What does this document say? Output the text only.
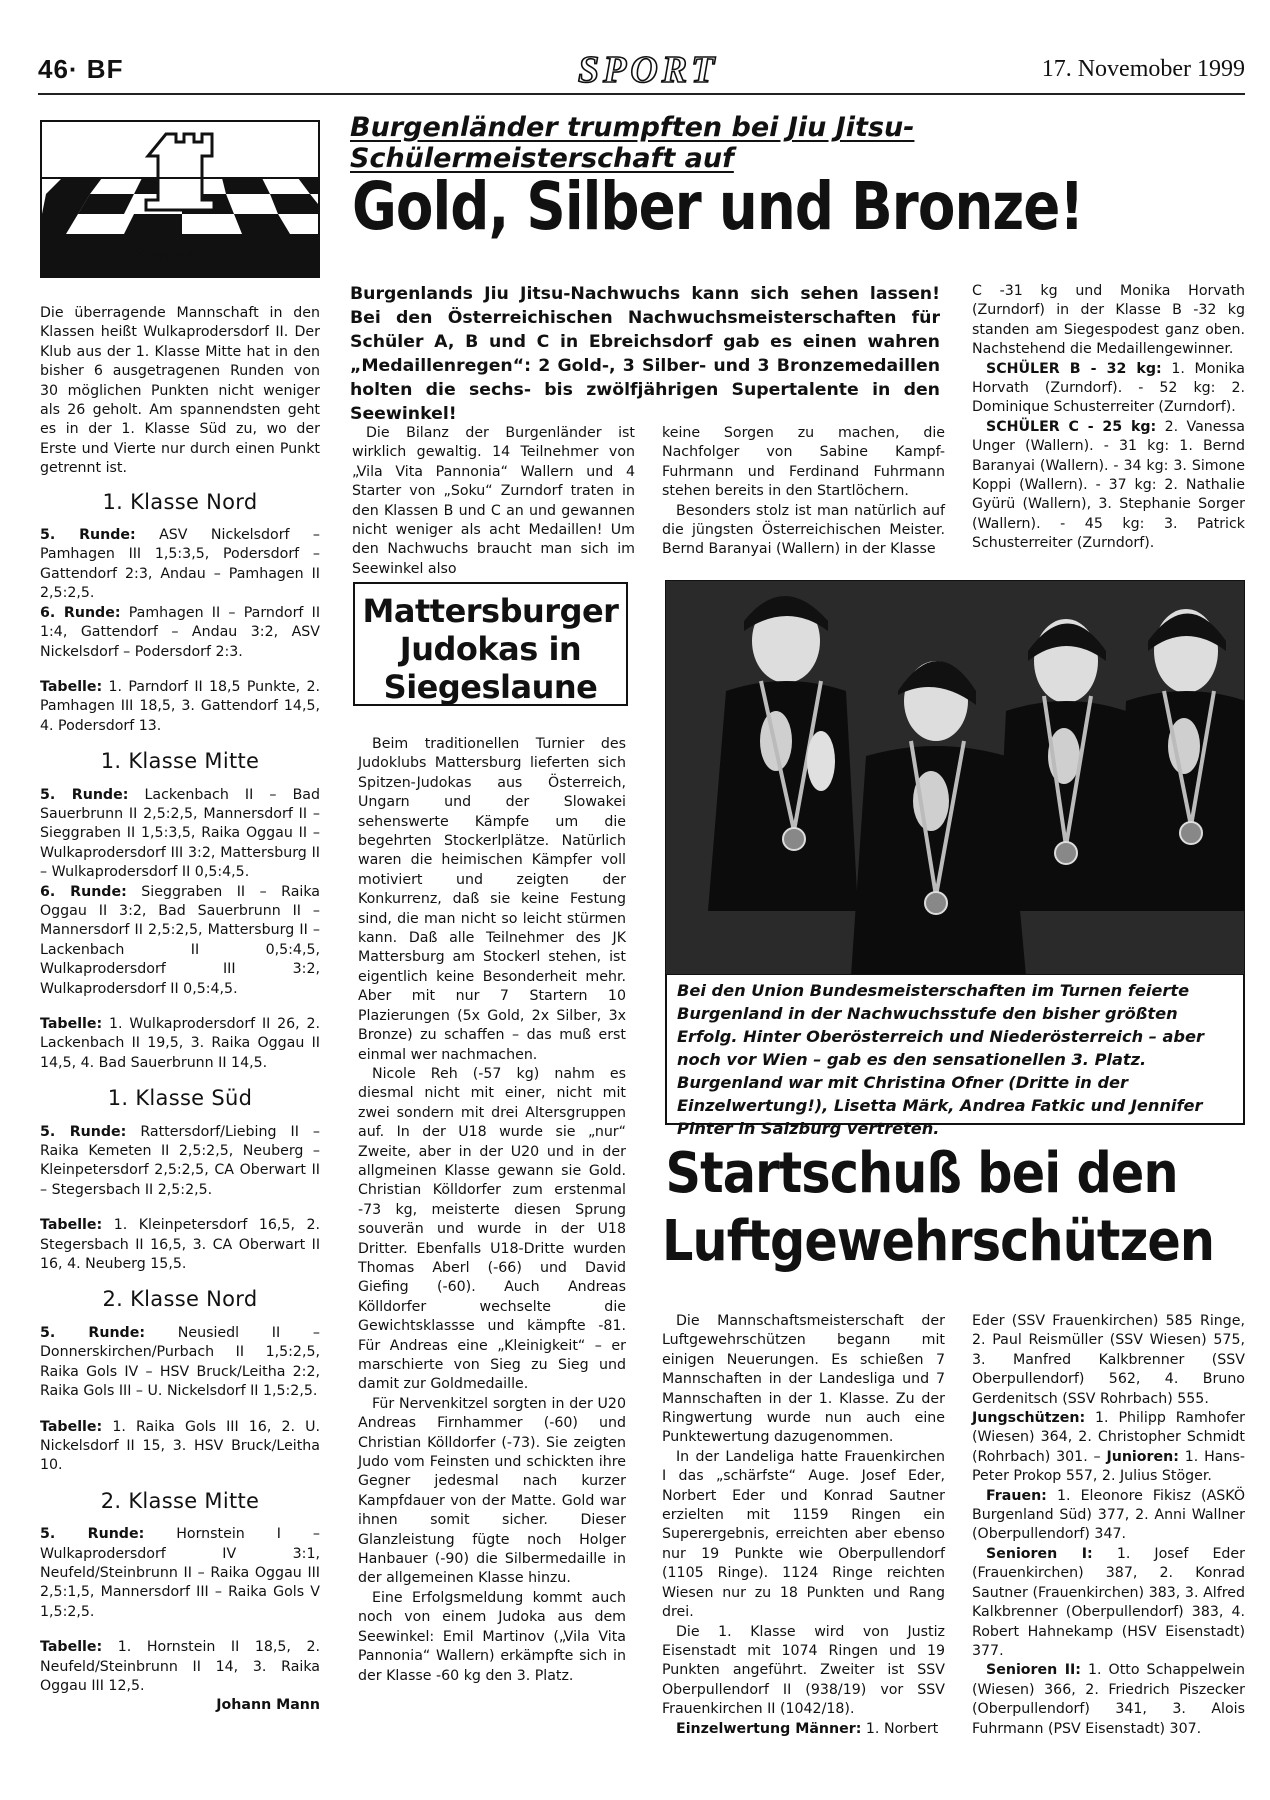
46· BF	SPORT	17. Novemober 1999
Schach

Die überragende Mannschaft in den Klassen heißt Wulkaprodersdorf II. Der Klub aus der 1. Klasse Mitte hat in den bisher 6 ausgetragenen Runden von 30 möglichen Punkten nicht weniger als 26 geholt. Am spannendsten geht es in der 1. Klasse Süd zu, wo der Erste und Vierte nur durch einen Punkt getrennt ist.

1. Klasse Nord

5. Runde: ASV Nickelsdorf – Pamhagen III 1,5:3,5, Podersdorf – Gattendorf 2:3, Andau – Pamhagen II 2,5:2,5.

6. Runde: Pamhagen II – Parndorf II 1:4, Gattendorf – Andau 3:2, ASV Nickelsdorf – Podersdorf 2:3.

Tabelle: 1. Parndorf II 18,5 Punkte, 2. Pamhagen III 18,5, 3. Gattendorf 14,5, 4. Podersdorf 13.

1. Klasse Mitte

5. Runde: Lackenbach II – Bad Sauerbrunn II 2,5:2,5, Mannersdorf II – Sieggraben II 1,5:3,5, Raika Oggau II – Wulkaprodersdorf III 3:2, Mattersburg II – Wulkaprodersdorf II 0,5:4,5.

6. Runde: Sieggraben II – Raika Oggau II 3:2, Bad Sauerbrunn II – Mannersdorf II 2,5:2,5, Mattersburg II – Lackenbach II 0,5:4,5, Wulkaprodersdorf III 3:2, Wulkaprodersdorf II 0,5:4,5.

Tabelle: 1. Wulkaprodersdorf II 26, 2. Lackenbach II 19,5, 3. Raika Oggau II 14,5, 4. Bad Sauerbrunn II 14,5.

1. Klasse Süd

5. Runde: Rattersdorf/Liebing II – Raika Kemeten II 2,5:2,5, Neuberg – Kleinpetersdorf 2,5:2,5, CA Oberwart II – Stegersbach II 2,5:2,5.

Tabelle: 1. Kleinpetersdorf 16,5, 2. Stegersbach II 16,5, 3. CA Oberwart II 16, 4. Neuberg 15,5.

2. Klasse Nord

5. Runde: Neusiedl II – Donnerskirchen/Purbach II 1,5:2,5, Raika Gols IV – HSV Bruck/Leitha 2:2, Raika Gols III – U. Nickelsdorf II 1,5:2,5.

Tabelle: 1. Raika Gols III 16, 2. U. Nickelsdorf II 15, 3. HSV Bruck/Leitha 10.

2. Klasse Mitte

5. Runde: Hornstein I – Wulkaprodersdorf IV 3:1, Neufeld/Steinbrunn II – Raika Oggau III 2,5:1,5, Mannersdorf III – Raika Gols V 1,5:2,5.

Tabelle: 1. Hornstein II 18,5, 2. Neufeld/Steinbrunn II 14, 3. Raika Oggau III 12,5.

Johann Mann
Burgenländer trumpften bei Jiu Jitsu-Schülermeisterschaft auf
Gold, Silber und Bronze!
Burgenlands Jiu Jitsu-Nachwuchs kann sich sehen lassen! Bei den Österreichischen Nachwuchsmeisterschaften für Schüler A, B und C in Ebreichsdorf gab es einen wahren „Medaillenregen“: 2 Gold-, 3 Silber- und 3 Bronzemedaillen holten die sechs- bis zwölfjährigen Supertalente in den Seewinkel!

Die Bilanz der Burgenländer ist wirklich gewaltig. 14 Teilnehmer von „Vila Vita Pannonia“ Wallern und 4 Starter von „Soku“ Zurndorf traten in den Klassen B und C an und gewannen nicht weniger als acht Medaillen! Um den Nachwuchs braucht man sich im Seewinkel also

keine Sorgen zu machen, die Nachfolger von Sabine Kampf-Fuhrmann und Ferdinand Fuhrmann stehen bereits in den Startlöchern.

Besonders stolz ist man natürlich auf die jüngsten Österreichischen Meister. Bernd Baranyai (Wallern) in der Klasse

C -31 kg und Monika Horvath (Zurndorf) in der Klasse B -32 kg standen am Siegespodest ganz oben. Nachstehend die Medaillengewinner.

SCHÜLER B - 32 kg: 1. Monika Horvath (Zurndorf). - 52 kg: 2. Dominique Schusterreiter (Zurndorf).

SCHÜLER C - 25 kg: 2. Vanessa Unger (Wallern). - 31 kg: 1. Bernd Baranyai (Wallern). - 34 kg: 3. Simone Koppi (Wallern). - 37 kg: 2. Nathalie Gyürü (Wallern), 3. Stephanie Sorger (Wallern). - 45 kg: 3. Patrick Schusterreiter (Zurndorf).

Mattersburger Judokas in Siegeslaune

Beim traditionellen Turnier des Judoklubs Mattersburg lieferten sich Spitzen-Judokas aus Österreich, Ungarn und der Slowakei sehenswerte Kämpfe um die begehrten Stockerlplätze. Natürlich waren die heimischen Kämpfer voll motiviert und zeigten der Konkurrenz, daß sie keine Festung sind, die man nicht so leicht stürmen kann. Daß alle Teilnehmer des JK Mattersburg am Stockerl stehen, ist eigentlich keine Besonderheit mehr. Aber mit nur 7 Startern 10 Plazierungen (5x Gold, 2x Silber, 3x Bronze) zu schaffen – das muß erst einmal wer nachmachen.

Nicole Reh (-57 kg) nahm es diesmal nicht mit einer, nicht mit zwei sondern mit drei Altersgruppen auf. In der U18 wurde sie „nur“ Zweite, aber in der U20 und in der allgmeinen Klasse gewann sie Gold. Christian Kölldorfer zum erstenmal -73 kg, meisterte diesen Sprung souverän und wurde in der U18 Dritter. Ebenfalls U18-Dritte wurden Thomas Aberl (-66) und David Giefing (-60). Auch Andreas Kölldorfer wechselte die Gewichtsklassse und kämpfte -81. Für Andreas eine „Kleinigkeit“ – er marschierte von Sieg zu Sieg und damit zur Goldmedaille.

Für Nervenkitzel sorgten in der U20 Andreas Firnhammer (-60) und Christian Kölldorfer (-73). Sie zeigten Judo vom Feinsten und schickten ihre Gegner jedesmal nach kurzer Kampfdauer von der Matte. Gold war ihnen somit sicher. Dieser Glanzleistung fügte noch Holger Hanbauer (-90) die Silbermedaille in der allgemeinen Klasse hinzu.

Eine Erfolgsmeldung kommt auch noch von einem Judoka aus dem Seewinkel: Emil Martinov („Vila Vita Pannonia“ Wallern) erkämpfte sich in der Klasse -60 kg den 3. Platz.

Bei den Union Bundesmeisterschaften im Turnen feierte Burgenland in der Nachwuchsstufe den bisher größten Erfolg. Hinter Oberösterreich und Niederösterreich – aber noch vor Wien – gab es den sensationellen 3. Platz. Burgenland war mit Christina Ofner (Dritte in der Einzelwertung!), Lisetta Märk, Andrea Fatkic und Jennifer Pinter in Salzburg vertreten.
Startschuß bei den Luftgewehrschützen

Die Mannschaftsmeisterschaft der Luftgewehrschützen begann mit einigen Neuerungen. Es schießen 7 Mannschaften in der Landesliga und 7 Mannschaften in der 1. Klasse. Zu der Ringwertung wurde nun auch eine Punktewertung dazugenommen.

In der Landeliga hatte Frauenkirchen I das „schärfste“ Auge. Josef Eder, Norbert Eder und Konrad Sautner erzielten mit 1159 Ringen ein Superergebnis, erreichten aber ebenso nur 19 Punkte wie Oberpullendorf (1105 Ringe). 1124 Ringe reichten Wiesen nur zu 18 Punkten und Rang drei.

Die 1. Klasse wird von Justiz Eisenstadt mit 1074 Ringen und 19 Punkten angeführt. Zweiter ist SSV Oberpullendorf II (938/19) vor SSV Frauenkirchen II (1042/18).

Einzelwertung Männer: 1. Norbert

Eder (SSV Frauenkirchen) 585 Ringe, 2. Paul Reismüller (SSV Wiesen) 575, 3. Manfred Kalkbrenner (SSV Oberpullendorf) 562, 4. Bruno Gerdenitsch (SSV Rohrbach) 555.

Jungschützen: 1. Philipp Ramhofer (Wiesen) 364, 2. Christopher Schmidt (Rohrbach) 301. – Junioren: 1. Hans-Peter Prokop 557, 2. Julius Stöger.

Frauen: 1. Eleonore Fikisz (ASKÖ Burgenland Süd) 377, 2. Anni Wallner (Oberpullendorf) 347.

Senioren I: 1. Josef Eder (Frauenkirchen) 387, 2. Konrad Sautner (Frauenkirchen) 383, 3. Alfred Kalkbrenner (Oberpullendorf) 383, 4. Robert Hahnekamp (HSV Eisenstadt) 377.

Senioren II: 1. Otto Schappelwein (Wiesen) 366, 2. Friedrich Piszecker (Oberpullendorf) 341, 3. Alois Fuhrmann (PSV Eisenstadt) 307.
